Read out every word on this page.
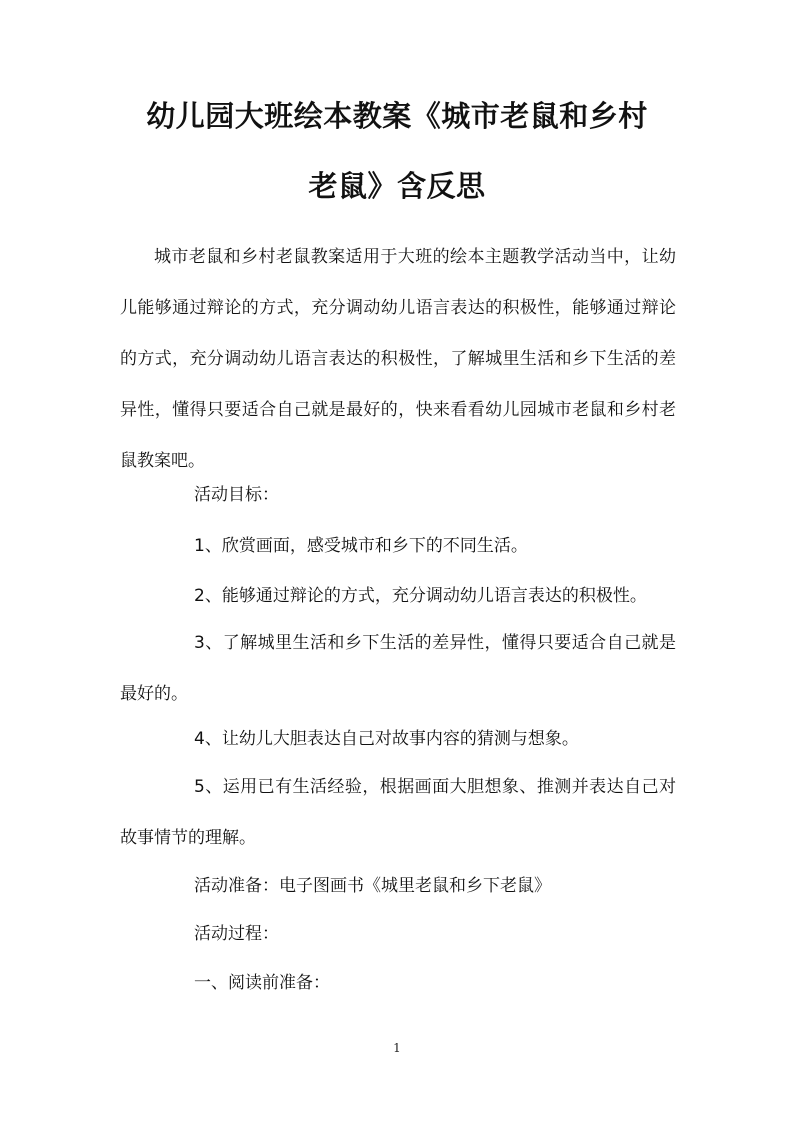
幼儿园大班绘本教案《城市老鼠和乡村
老鼠》含反思

城市老鼠和乡村老鼠教案适用于大班的绘本主题教学活动当中，让幼儿能够通过辩论的方式，充分调动幼儿语言表达的积极性，能够通过辩论的方式，充分调动幼儿语言表达的积极性，了解城里生活和乡下生活的差异性，懂得只要适合自己就是最好的，快来看看幼儿园城市老鼠和乡村老鼠教案吧。

活动目标：

1、欣赏画面，感受城市和乡下的不同生活。

2、能够通过辩论的方式，充分调动幼儿语言表达的积极性。

3、了解城里生活和乡下生活的差异性，懂得只要适合自己就是最好的。

4、让幼儿大胆表达自己对故事内容的猜测与想象。

5、运用已有生活经验，根据画面大胆想象、推测并表达自己对故事情节的理解。

活动准备：电子图画书《城里老鼠和乡下老鼠》

活动过程：

一、阅读前准备：

1
